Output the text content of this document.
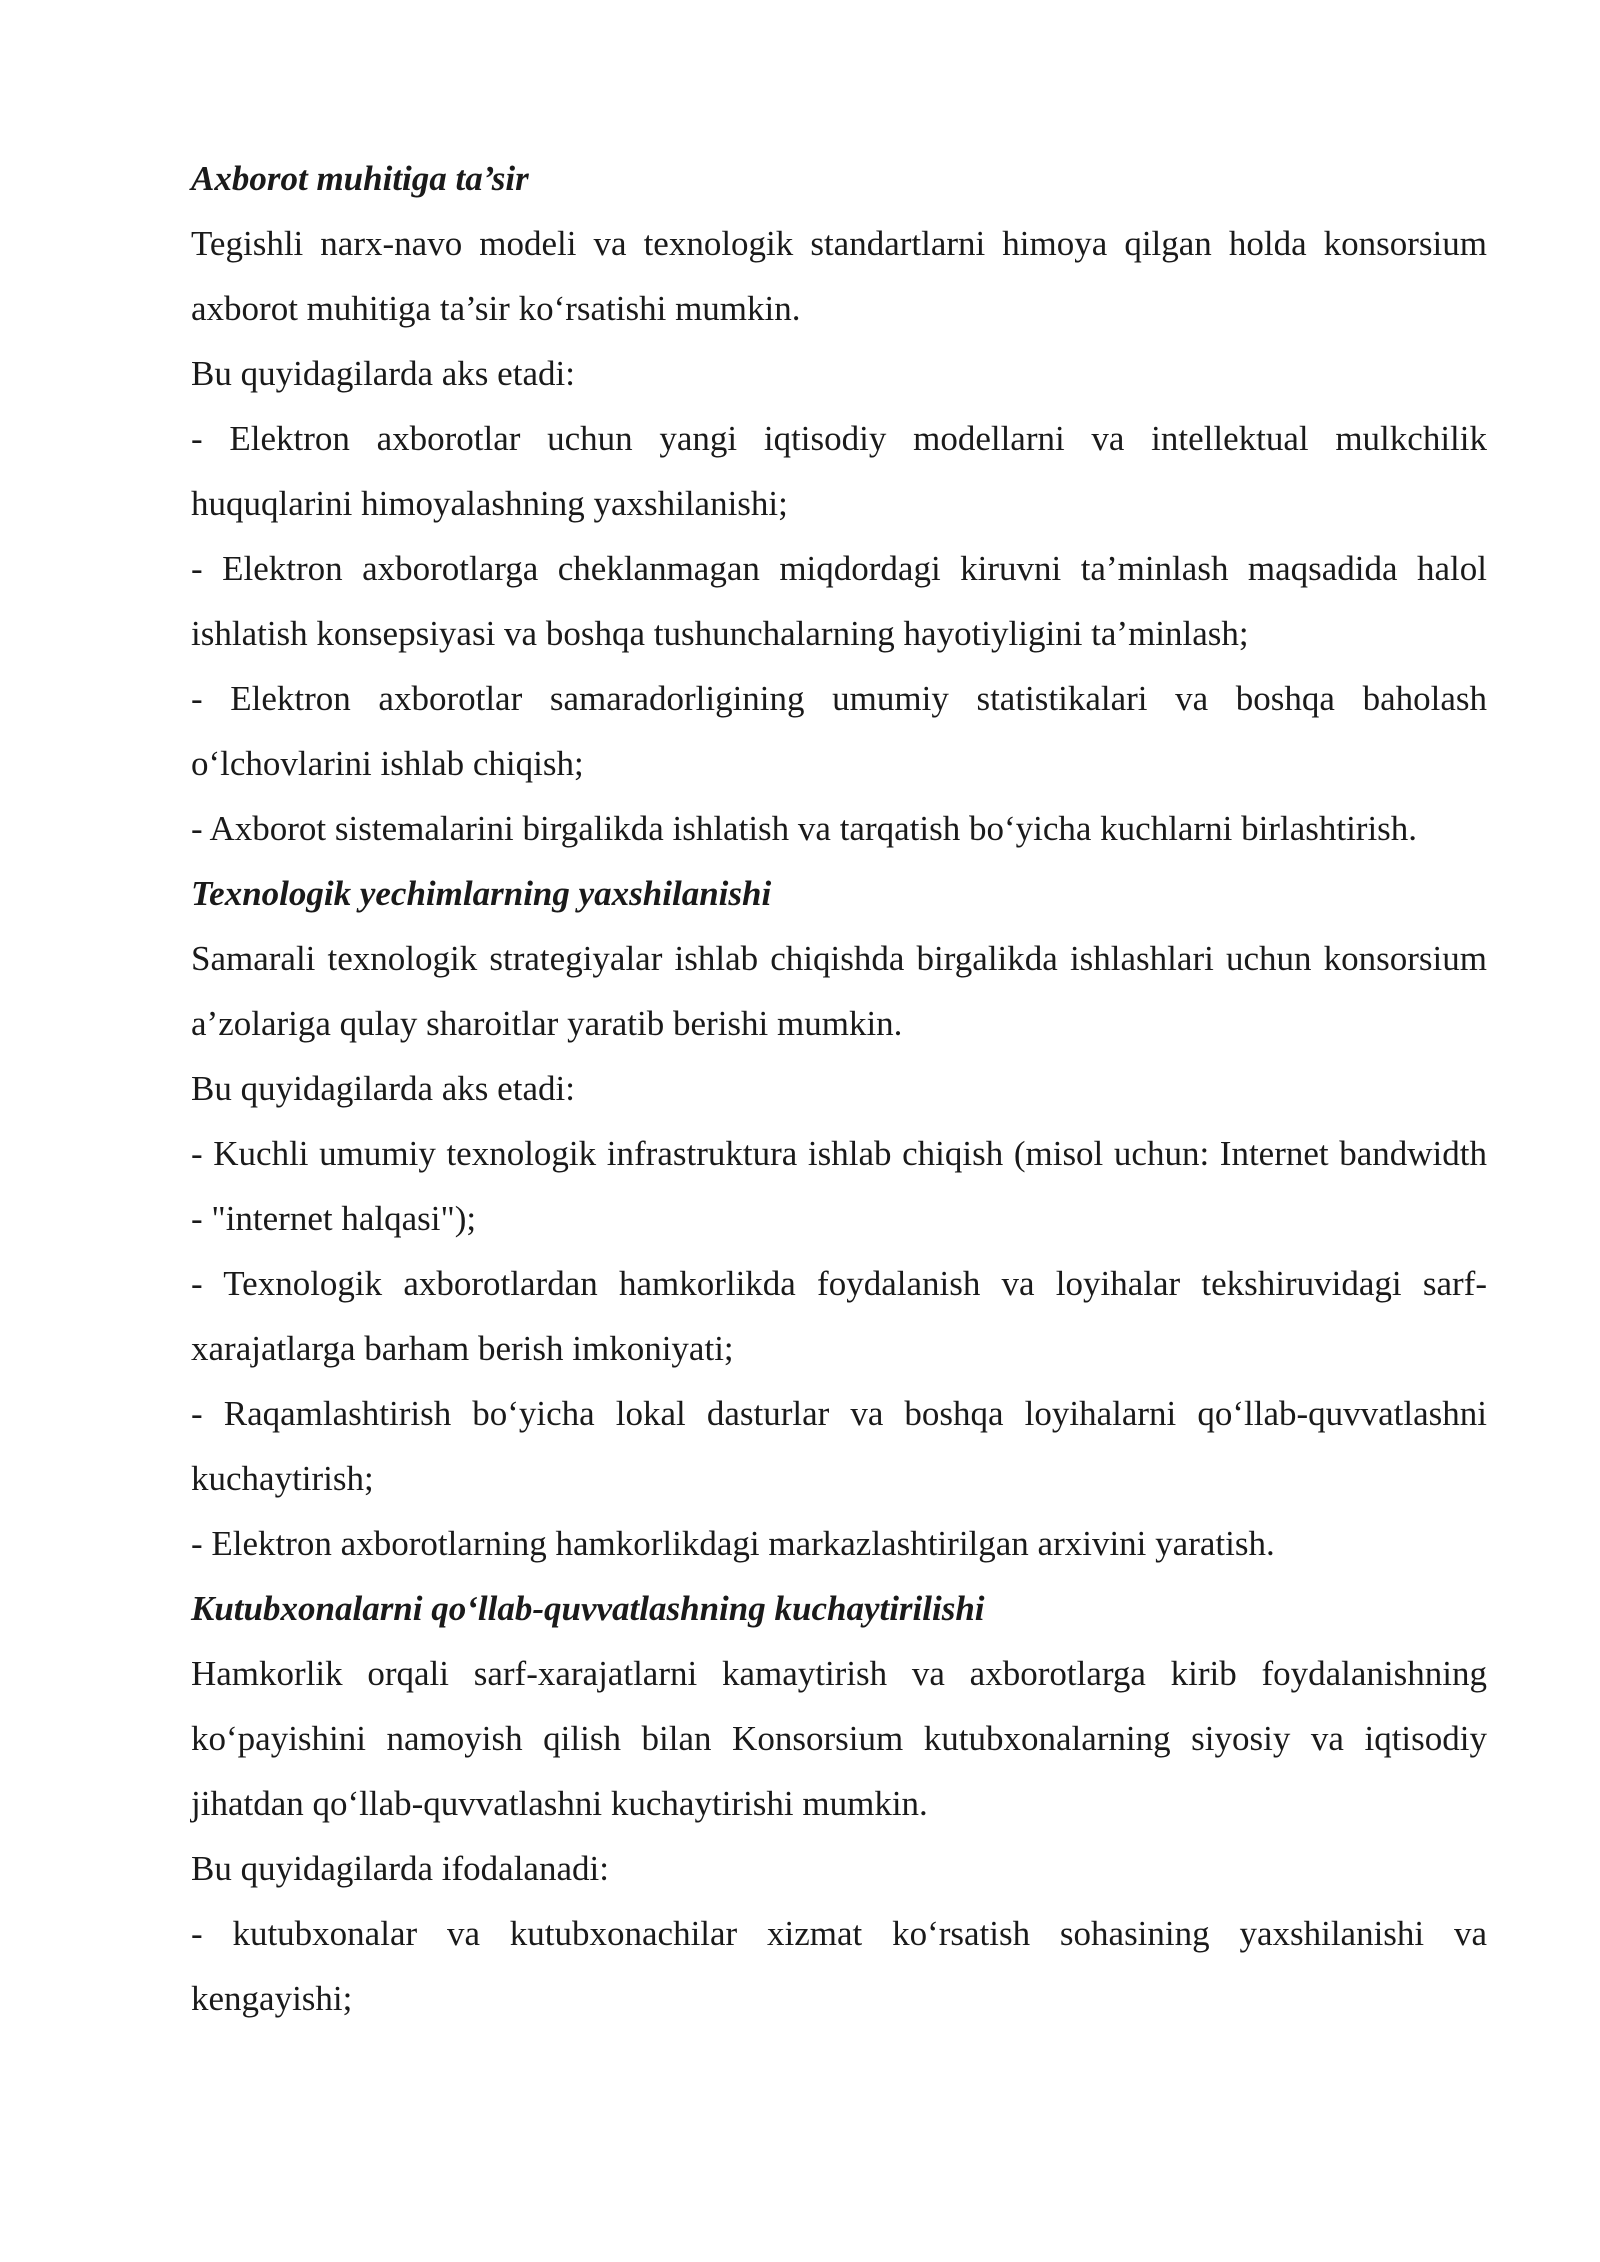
Axborot muhitiga ta’sir

Tegishli narx-navo modeli va texnologik standartlarni himoya qilgan holda konsorsium axborot muhitiga ta’sir ko‘rsatishi mumkin.

Bu quyidagilarda aks etadi:

- Elektron axborotlar uchun yangi iqtisodiy modellarni va intellektual mulkchilik huquqlarini himoyalashning yaxshilanishi;

- Elektron axborotlarga cheklanmagan miqdordagi kiruvni ta’minlash maqsadida halol ishlatish konsepsiyasi va boshqa tushunchalarning hayotiyligini ta’minlash;

- Elektron axborotlar samaradorligining umumiy statistikalari va boshqa baholash o‘lchovlarini ishlab chiqish;

- Axborot sistemalarini birgalikda ishlatish va tarqatish bo‘yicha kuchlarni birlashtirish.

Texnologik yechimlarning yaxshilanishi

Samarali texnologik strategiyalar ishlab chiqishda birgalikda ishlashlari uchun konsorsium a’zolariga qulay sharoitlar yaratib berishi mumkin.

Bu quyidagilarda aks etadi:

- Kuchli umumiy texnologik infrastruktura ishlab chiqish (misol uchun: Internet bandwidth - "internet halqasi");

- Texnologik axborotlardan hamkorlikda foydalanish va loyihalar tekshiruvidagi sarf-xarajatlarga barham berish imkoniyati;

- Raqamlashtirish bo‘yicha lokal dasturlar va boshqa loyihalarni qo‘llab-quvvatlashni kuchaytirish;

- Elektron axborotlarning hamkorlikdagi markazlashtirilgan arxivini yaratish.

Kutubxonalarni qo‘llab-quvvatlashning kuchaytirilishi

Hamkorlik orqali sarf-xarajatlarni kamaytirish va axborotlarga kirib foydalanishning ko‘payishini namoyish qilish bilan Konsorsium kutubxonalarning siyosiy va iqtisodiy jihatdan qo‘llab-quvvatlashni kuchaytirishi mumkin.

Bu quyidagilarda ifodalanadi:

- kutubxonalar va kutubxonachilar xizmat ko‘rsatish sohasining yaxshilanishi va kengayishi;
